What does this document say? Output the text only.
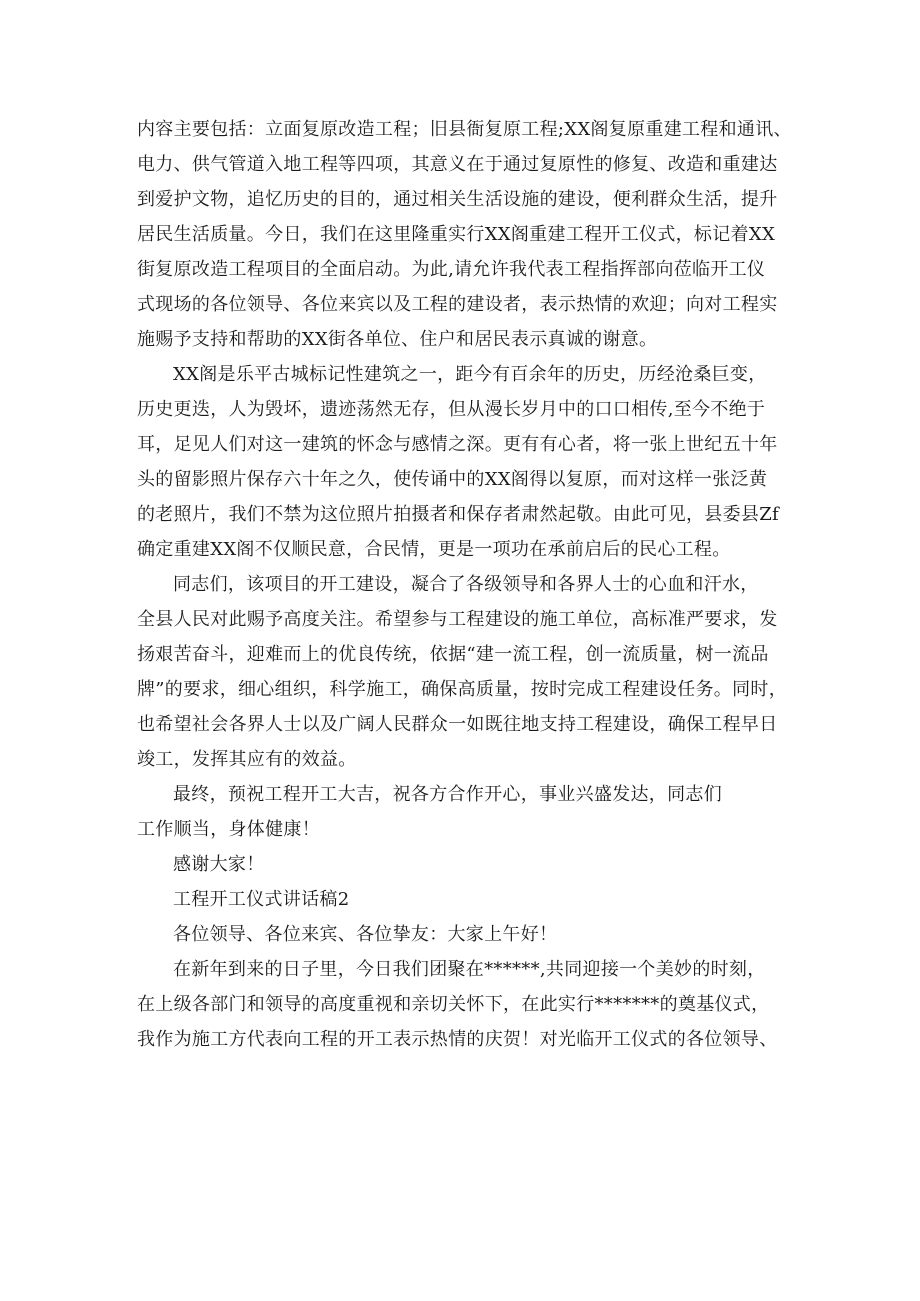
内容主要包括：立面复原改造工程；旧县衙复原工程;XX阁复原重建工程和通讯、
电力、供气管道入地工程等四项，其意义在于通过复原性的修复、改造和重建达
到爱护文物，追忆历史的目的，通过相关生活设施的建设，便利群众生活，提升
居民生活质量。今日，我们在这里隆重实行XX阁重建工程开工仪式，标记着XX
街复原改造工程项目的全面启动。为此,请允许我代表工程指挥部向莅临开工仪
式现场的各位领导、各位来宾以及工程的建设者，表示热情的欢迎；向对工程实
施赐予支持和帮助的XX街各单位、住户和居民表示真诚的谢意。
XX阁是乐平古城标记性建筑之一，距今有百余年的历史，历经沧桑巨变，
历史更迭，人为毁坏，遗迹荡然无存，但从漫长岁月中的口口相传,至今不绝于
耳，足见人们对这一建筑的怀念与感情之深。更有有心者，将一张上世纪五十年
头的留影照片保存六十年之久，使传诵中的XX阁得以复原，而对这样一张泛黄
的老照片，我们不禁为这位照片拍摄者和保存者肃然起敬。由此可见，县委县Zf
确定重建XX阁不仅顺民意，合民情，更是一项功在承前启后的民心工程。
同志们，该项目的开工建设，凝合了各级领导和各界人士的心血和汗水，
全县人民对此赐予高度关注。希望参与工程建设的施工单位，高标准严要求，发
扬艰苦奋斗，迎难而上的优良传统，依据“建一流工程，创一流质量，树一流品
牌”的要求，细心组织，科学施工，确保高质量，按时完成工程建设任务。同时，
也希望社会各界人士以及广阔人民群众一如既往地支持工程建设，确保工程早日
竣工，发挥其应有的效益。
最终，预祝工程开工大吉，祝各方合作开心，事业兴盛发达，同志们
工作顺当，身体健康！
感谢大家！
工程开工仪式讲话稿2
各位领导、各位来宾、各位挚友：大家上午好！
在新年到来的日子里，今日我们团聚在******,共同迎接一个美妙的时刻，
在上级各部门和领导的高度重视和亲切关怀下，在此实行*******的奠基仪式，
我作为施工方代表向工程的开工表示热情的庆贺！对光临开工仪式的各位领导、
